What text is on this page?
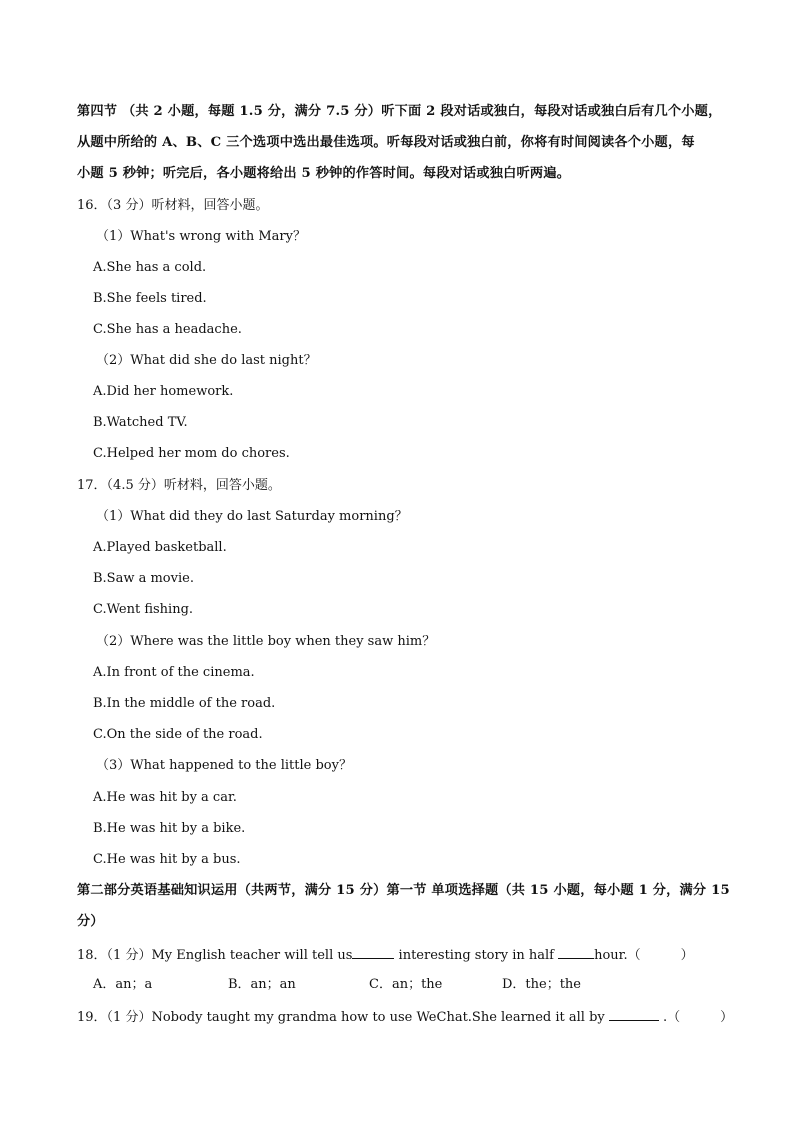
第四节 （共 2 小题，每题 1.5 分，满分 7.5 分）听下面 2 段对话或独白，每段对话或独白后有几个小题，
从题中所给的 A、B、C 三个选项中选出最佳选项。听每段对话或独白前，你将有时间阅读各个小题，每
小题 5 秒钟；听完后，各小题将给出 5 秒钟的作答时间。每段对话或独白听两遍。
16．（3 分）听材料，回答小题。
（1）What's wrong with Mary？
A.She has a cold.
B.She feels tired.
C.She has a headache.
（2）What did she do last night？
A.Did her homework.
B.Watched TV.
C.Helped her mom do chores.
17．（4.5 分）听材料，回答小题。
（1）What did they do last Saturday morning？
A.Played basketball.
B.Saw a movie.
C.Went fishing.
（2）Where was the little boy when they saw him？
A.In front of the cinema.
B.In the middle of the road.
C.On the side of the road.
（3）What happened to the little boy？
A.He was hit by a car.
B.He was hit by a bike.
C.He was hit by a bus.
第二部分英语基础知识运用（共两节，满分 15 分）第一节 单项选择题（共 15 小题，每小题 1 分，满分 15
分）
18．（1 分）My English teacher will tell us	interesting story in half	hour.（	）
A．an；a	B．an；an	C．an；the	D．the；the
19．（1 分）Nobody taught my grandma how to use WeChat.She learned it all by	.（	）
